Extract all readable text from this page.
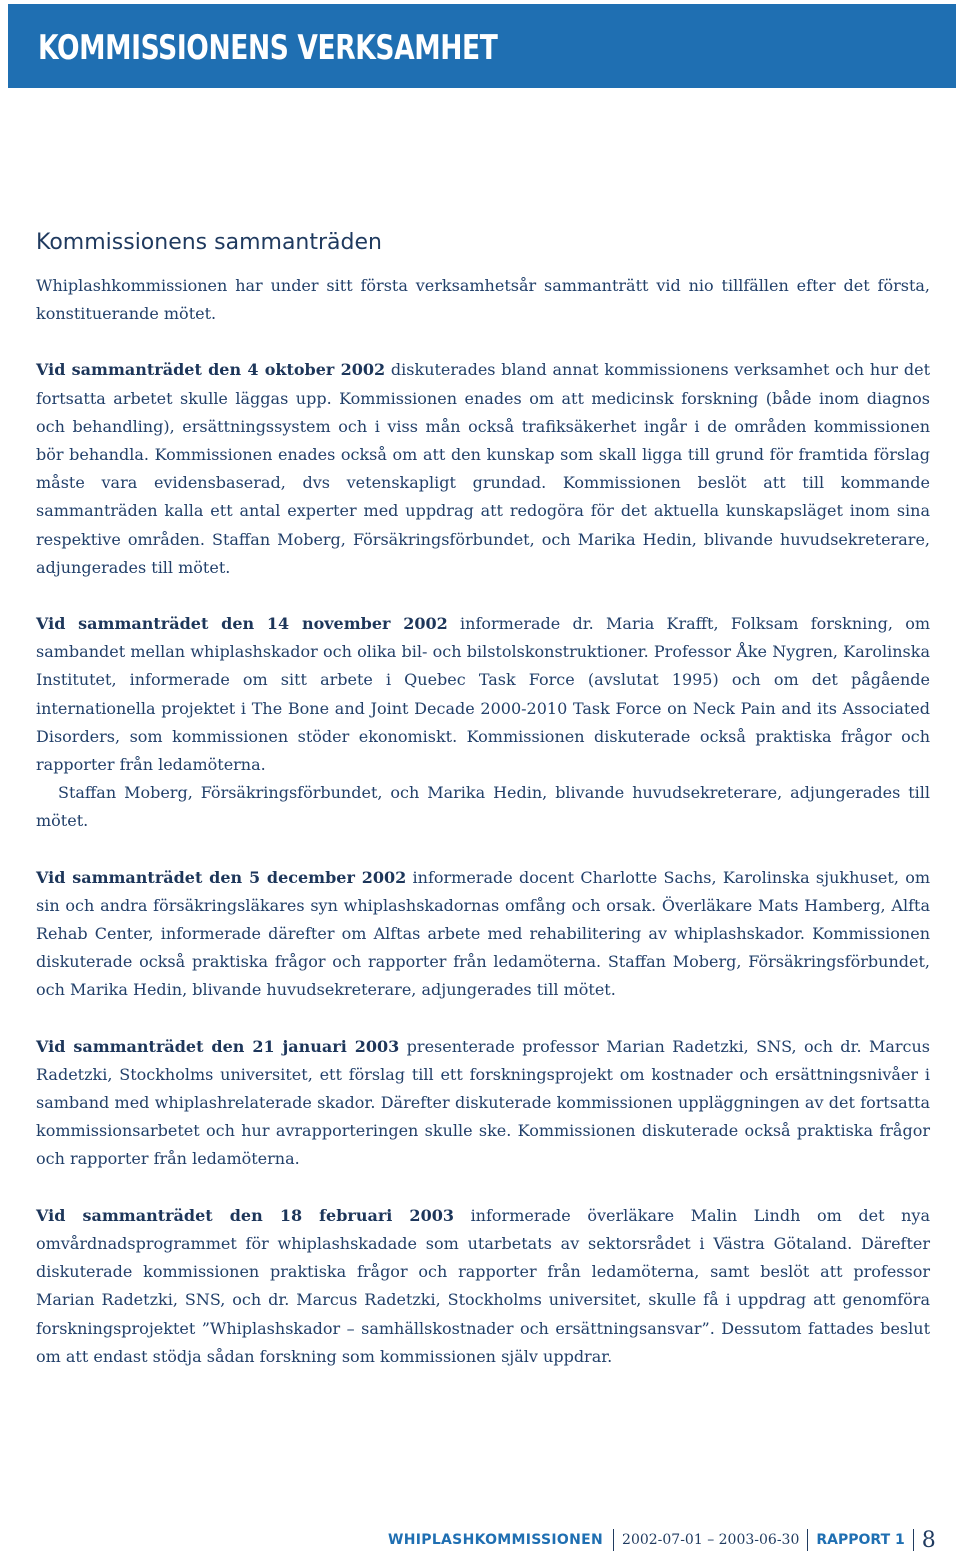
KOMMISSIONENS VERKSAMHET
Kommissionens sammanträden

Whiplashkommissionen har under sitt första verksamhetsår sammanträtt vid nio tillfällen efter det första, konstituerande mötet.

Vid sammanträdet den 4 oktober 2002 diskuterades bland annat kommissionens verksamhet och hur det fortsatta arbetet skulle läggas upp. Kommissionen enades om att medicinsk forskning (både inom diagnos och behandling), ersättningssystem och i viss mån också trafiksäkerhet ingår i de områden kommissionen bör behandla. Kommissionen enades också om att den kunskap som skall ligga till grund för framtida förslag måste vara evidensbaserad, dvs vetenskapligt grundad. Kommissionen beslöt att till kommande sammanträden kalla ett antal experter med uppdrag att redogöra för det aktuella kunskapsläget inom sina respektive områden. Staffan Moberg, Försäkringsförbundet, och Marika Hedin, blivande huvudsekreterare, adjungerades till mötet.

Vid sammanträdet den 14 november 2002 informerade dr. Maria Krafft, Folksam forskning, om sambandet mellan whiplashskador och olika bil- och bilstolskonstruktioner. Professor Åke Nygren, Karolinska Institutet, informerade om sitt arbete i Quebec Task Force (avslutat 1995) och om det pågående internationella projektet i The Bone and Joint Decade 2000-2010 Task Force on Neck Pain and its Associated Disorders, som kommissionen stöder ekonomiskt. Kommissionen diskuterade också praktiska frågor och rapporter från ledamöterna.

Staffan Moberg, Försäkringsförbundet, och Marika Hedin, blivande huvudsekreterare, adjungerades till mötet.

Vid sammanträdet den 5 december 2002 informerade docent Charlotte Sachs, Karolinska sjukhuset, om sin och andra försäkringsläkares syn whiplashskadornas omfång och orsak. Överläkare Mats Hamberg, Alfta Rehab Center, informerade därefter om Alftas arbete med rehabilitering av whiplashskador. Kommissionen diskuterade också praktiska frågor och rapporter från ledamöterna. Staffan Moberg, Försäkringsförbundet, och Marika Hedin, blivande huvudsekreterare, adjungerades till mötet.

Vid sammanträdet den 21 januari 2003 presenterade professor Marian Radetzki, SNS, och dr. Marcus Radetzki, Stockholms universitet, ett förslag till ett forskningsprojekt om kostnader och ersättningsnivåer i samband med whiplashrelaterade skador. Därefter diskuterade kommissionen uppläggningen av det fortsatta kommissionsarbetet och hur avrapporteringen skulle ske. Kommissionen diskuterade också praktiska frågor och rapporter från ledamöterna.

Vid sammanträdet den 18 februari 2003 informerade överläkare Malin Lindh om det nya omvårdnadsprogrammet för whiplashskadade som utarbetats av sektorsrådet i Västra Götaland. Därefter diskuterade kommissionen praktiska frågor och rapporter från ledamöterna, samt beslöt att professor Marian Radetzki, SNS, och dr. Marcus Radetzki, Stockholms universitet, skulle få i uppdrag att genomföra forskningsprojektet ”Whiplashskador – samhällskostnader och ersättningsansvar”. Dessutom fattades beslut om att endast stödja sådan forskning som kommissionen själv uppdrar.

WHIPLASHKOMMISSIONEN	2002-07-01 – 2003-06-30	RAPPORT 1 8
